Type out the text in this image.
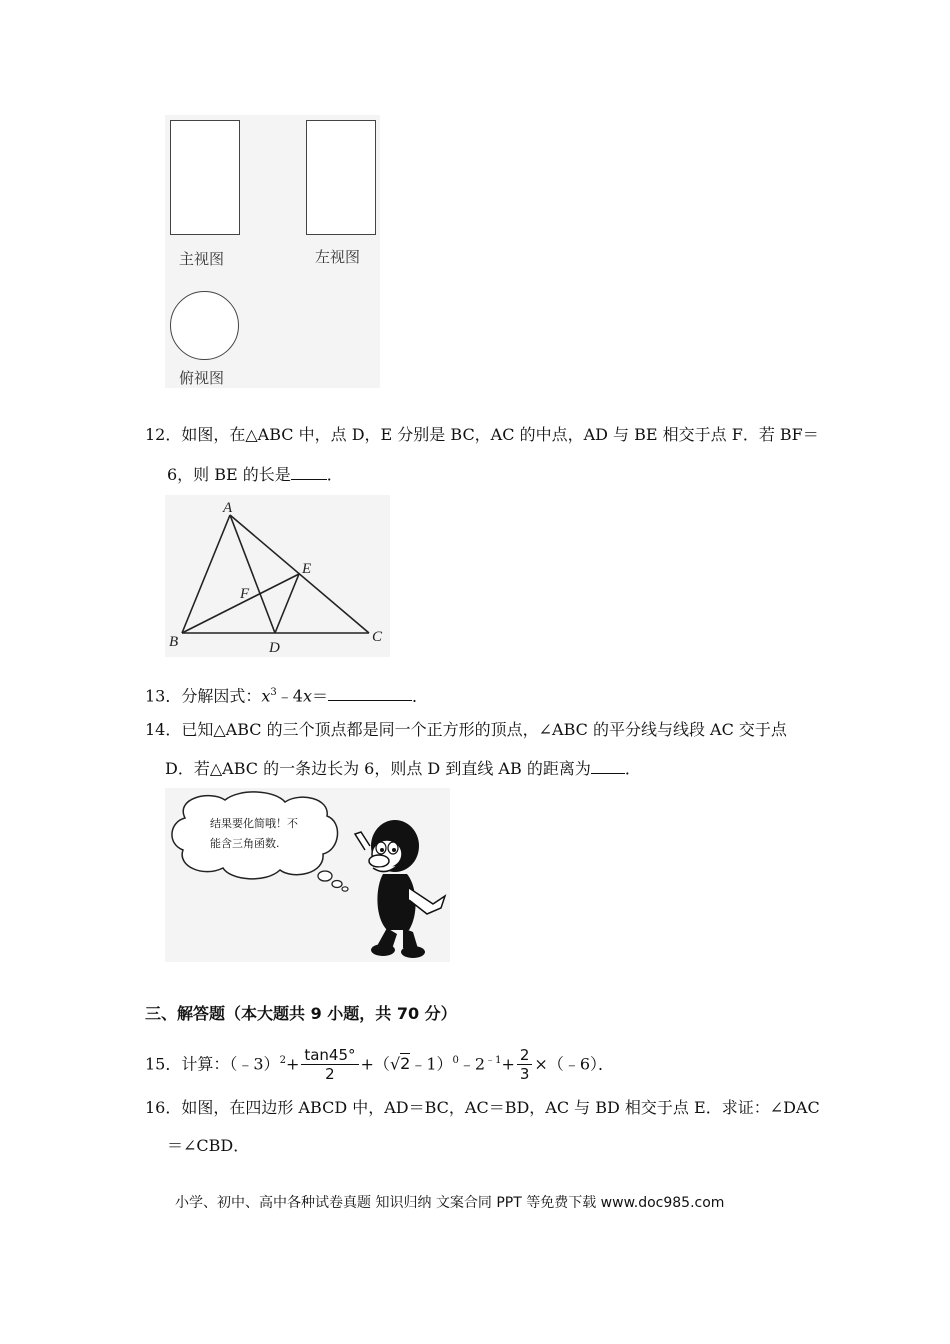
主视图	左视图
俯视图
12．如图，在△ABC 中，点 D，E 分别是 BC，AC 的中点，AD 与 BE 相交于点 F．若 BF＝
6，则 BE 的长是 ．
A
B	C
D
E
F
13．分解因式：$x^3﹣4x=$	．
14．已知△ABC 的三个顶点都是同一个正方形的顶点，∠ABC 的平分线与线段 AC 交于点
D．若△ABC 的一条边长为 6，则点 D 到直线 AB 的距离为 ．
结果要化简哦！不
能含三角函数.
三、解答题（本大题共 9 小题，共 70 分）
15．计算：（﹣3）$^2$+ $\frac{\tan 45^\circ}{2}$ $+(√2﹣1)^0﹣2^{﹣1}+ \frac{2}{3}$ ×（﹣6）．
16．如图，在四边形 ABCD 中，AD＝BC，AC＝BD，AC 与 BD 相交于点 E．求证：∠DAC
＝∠CBD．
小学、初中、高中各种试卷真题 知识归纳 文案合同 PPT 等免费下载 www.doc985.com
